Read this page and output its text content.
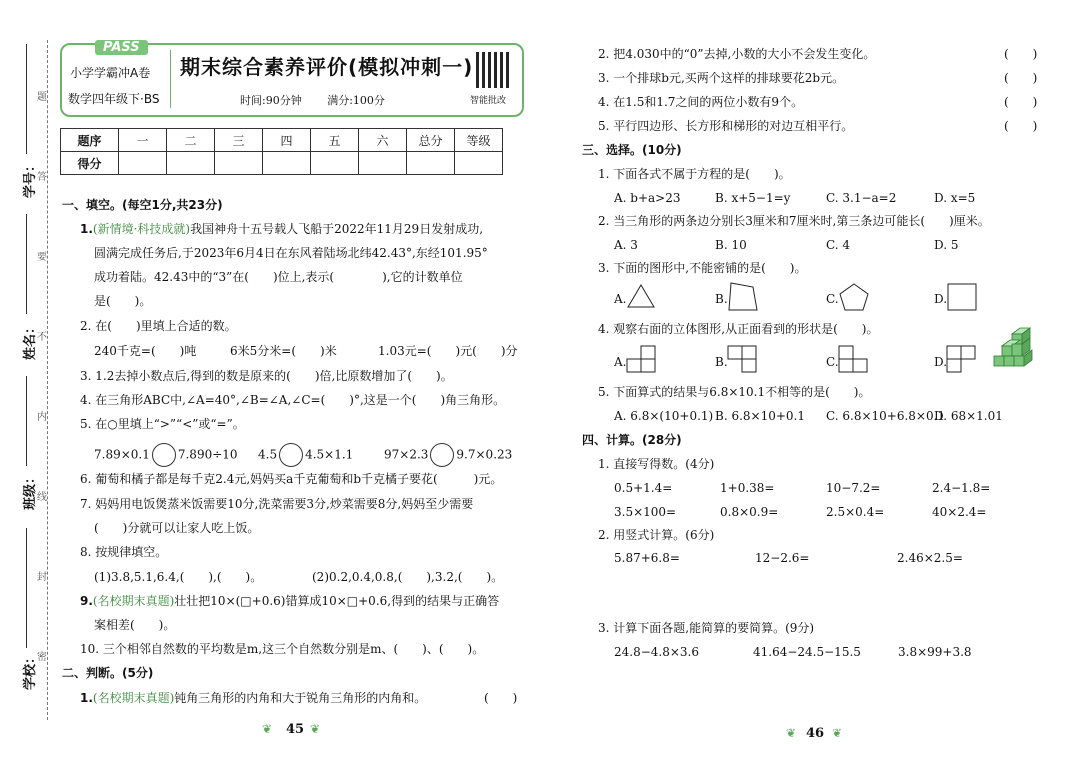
学号：
姓名：
班级：
学校：
题
答
要
不
内
线
封
密
PASS
小学学霸冲A卷
数学四年级下·BS
期末综合素养评价(模拟冲刺一)
时间:90分钟   满分:100分	智能批改
题序	一	二	三	四	五	六	总分	等级
得分								
一、填空。(每空1分,共23分)
1.(新情境·科技成就)我国神舟十五号载人飞船于2022年11月29日发射成功,
圆满完成任务后,于2023年6月4日在东风着陆场北纬42.43°,东经101.95°
成功着陆。42.43中的“3”在(　　)位上,表示(　　　　),它的计数单位
是(　　)。
2. 在(　　)里填上合适的数。
240千克=(　　)吨	6米5分米=(　　)米	1.03元=(　　)元(　　)分
3. 1.2去掉小数点后,得到的数是原来的(　　)倍,比原数增加了(　　)。
4. 在三角形ABC中,∠A=40°,∠B=∠A,∠C=(　　)°,这是一个(　　)角三角形。
5. 在○里填上“>”“<”或“=”。
7.89×0.1 7.890÷10 4.5 4.5×1.1	97×2.3 9.7×0.23
6. 葡萄和橘子都是每千克2.4元,妈妈买a千克葡萄和b千克橘子要花(　　　)元。
7. 妈妈用电饭煲蒸米饭需要10分,洗菜需要3分,炒菜需要8分,妈妈至少需要
(　　)分就可以让家人吃上饭。
8. 按规律填空。
(1)3.8,5.1,6.4,(　　),(　　)。	(2)0.2,0.4,0.8,(　　),3.2,(　　)。
9.(名校期末真题)壮壮把10×(□+0.6)错算成10×□+0.6,得到的结果与正确答
案相差(　　)。
10. 三个相邻自然数的平均数是m,这三个自然数分别是m、(　　)、(　　)。
二、判断。(5分)
1.(名校期末真题)钝角三角形的内角和大于锐角三角形的内角和。	(　　)
❦ 45 ❦
2. 把4.030中的“0”去掉,小数的大小不会发生变化。	(　　)
3. 一个排球b元,买两个这样的排球要花2b元。	(　　)
4. 在1.5和1.7之间的两位小数有9个。	(　　)
5. 平行四边形、长方形和梯形的对边互相平行。	(　　)
三、选择。(10分)
1. 下面各式不属于方程的是(　　)。
A. b+a>23	B. x+5−1=y	C. 3.1−a=2	D. x=5
2. 当三角形的两条边分别长3厘米和7厘米时,第三条边可能长(　　)厘米。
A. 3	B. 10	C. 4	D. 5
3. 下面的图形中,不能密铺的是(　　)。
A.	B.	C.	D.
4. 观察右面的立体图形,从正面看到的形状是(　　)。
A.	B.	C.	D.
5. 下面算式的结果与6.8×10.1不相等的是(　　)。
A. 6.8×(10+0.1) B. 6.8×10+0.1 C. 6.8×10+6.8×0.1
D. 68×1.01
四、计算。(28分)
1. 直接写得数。(4分)
0.5+1.4=	1+0.38=	10−7.2=	2.4−1.8=
3.5×100=	0.8×0.9=	2.5×0.4=	40×2.4=
2. 用竖式计算。(6分)
5.87+6.8=	12−2.6=	2.46×2.5=
3. 计算下面各题,能简算的要简算。(9分)
24.8−4.8×3.6	41.64−24.5−15.5	3.8×99+3.8
❦ 46 ❦
